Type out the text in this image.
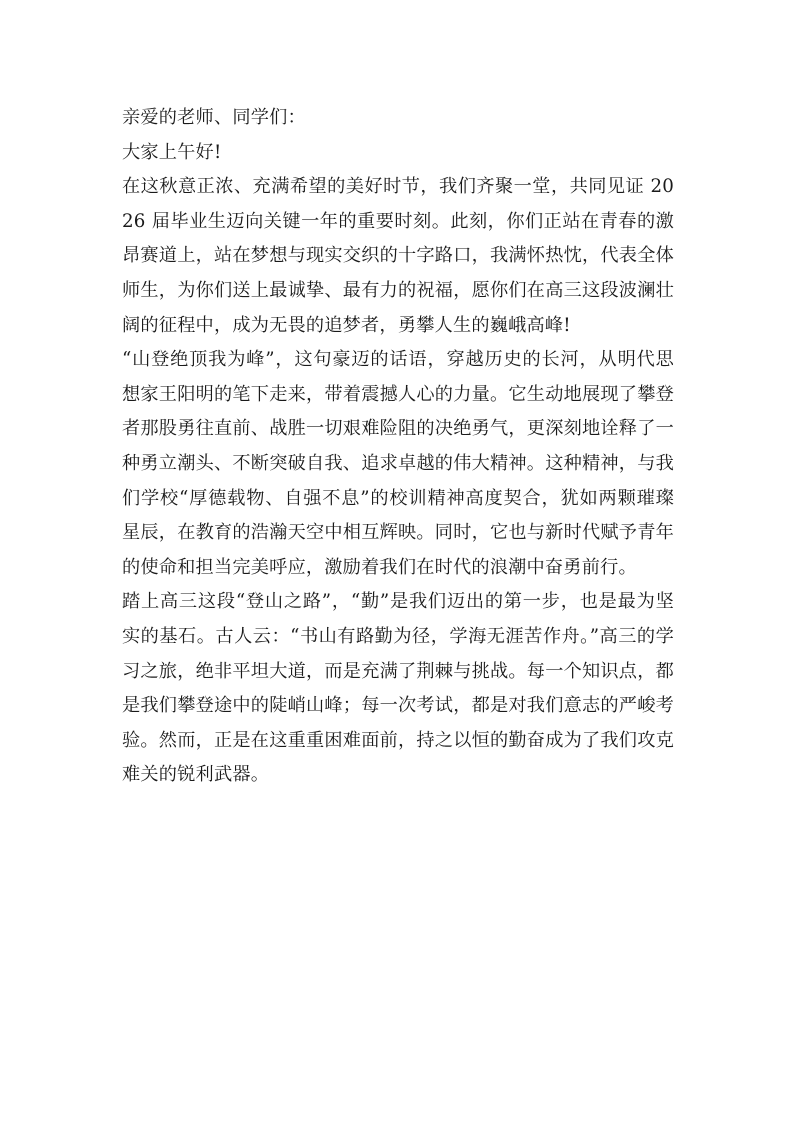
亲爱的老师、同学们：

大家上午好!

在这秋意正浓、充满希望的美好时节，我们齐聚一堂，共同见证 2026 届毕业生迈向关键一年的重要时刻。此刻，你们正站在青春的激昂赛道上，站在梦想与现实交织的十字路口，我满怀热忱，代表全体师生，为你们送上最诚挚、最有力的祝福，愿你们在高三这段波澜壮阔的征程中，成为无畏的追梦者，勇攀人生的巍峨高峰!

“山登绝顶我为峰”，这句豪迈的话语，穿越历史的长河，从明代思想家王阳明的笔下走来，带着震撼人心的力量。它生动地展现了攀登者那股勇往直前、战胜一切艰难险阻的决绝勇气，更深刻地诠释了一种勇立潮头、不断突破自我、追求卓越的伟大精神。这种精神，与我们学校“厚德载物、自强不息”的校训精神高度契合，犹如两颗璀璨星辰，在教育的浩瀚天空中相互辉映。同时，它也与新时代赋予青年的使命和担当完美呼应，激励着我们在时代的浪潮中奋勇前行。

踏上高三这段“登山之路”，“勤”是我们迈出的第一步，也是最为坚实的基石。古人云：“书山有路勤为径，学海无涯苦作舟。”高三的学习之旅，绝非平坦大道，而是充满了荆棘与挑战。每一个知识点，都是我们攀登途中的陡峭山峰；每一次考试，都是对我们意志的严峻考验。然而，正是在这重重困难面前，持之以恒的勤奋成为了我们攻克难关的锐利武器。
